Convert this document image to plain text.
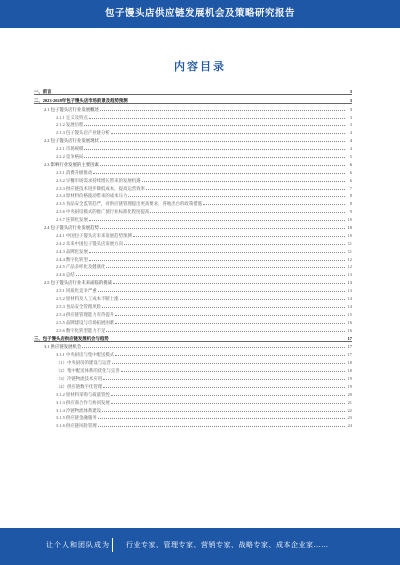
包子馒头店供应链发展机会及策略研究报告
内容目录
一、前言	3
二、2023-2028年包子馒头店市场前景及趋势预测	3
2.1 包子馒头店行业发展概述	3
2.1.1 定义及特点	3
2.1.2 发展历程	3
2.1.3 包子馒头店产业链分析	4
2.2 包子馒头店行业发展现状	4
2.2.1 市场规模	4
2.2.2 竞争格局	5
2.3 影响行业发展的主要因素	6
2.3.1 消费升级推动	6
2.3.2 早餐市场需求持续增长带来的发展机遇	6
2.3.3 供应链技术进步降低成本，提高运营效率	7
2.3.4 原材料价格波动带来的成本压力	8
2.3.5 食品安全监管趋严，对供应链管理提出更高要求，各地出台的政策措施	8
2.3.6 中央厨房模式的推广使行业标准化程度提高	9
2.3.7 连锁化发展	10
2.4 包子馒头店行业发展趋势	10
2.4.1 中国包子馒头店未来发展趋势预测	10
2.4.2 未来中国包子馒头店发展方向	11
2.4.3 品牌化发展	11
2.4.4 数字化转型	12
2.4.5 产品多样化及健康化	12
2.4.6 总结	13
2.5 包子馒头店行业未来面临的挑战	13
2.5.1 同质化竞争严重	13
2.5.2 原材料及人工成本不断上涨	14
2.5.3 食品安全管理风险	14
2.5.4 供应链管理能力有待提升	15
2.5.5 品牌建设与市场拓展困难	16
2.5.6 数字化转型能力不足	16
三、包子馒头店供应链发展机会与趋势	17
3.1 供应链发展机会	17
3.1.1 中央厨房与集中配送模式	17
（1）中央厨房的建设与运营	18
（2）集中配送体系的优化与完善	18
（3）冷链物流技术应用	19
（4）供应链数字化管理	19
3.1.2 原材料采购与质量管控	20
3.1.3 供应商合作与协同发展	21
3.1.4 冷链物流体系建设	22
3.1.5 供应链金融服务	23
3.1.6 供应链风险管理	24
让个人和团队成为 行业专家、管理专家、营销专家、战略专家、成本企业家……
